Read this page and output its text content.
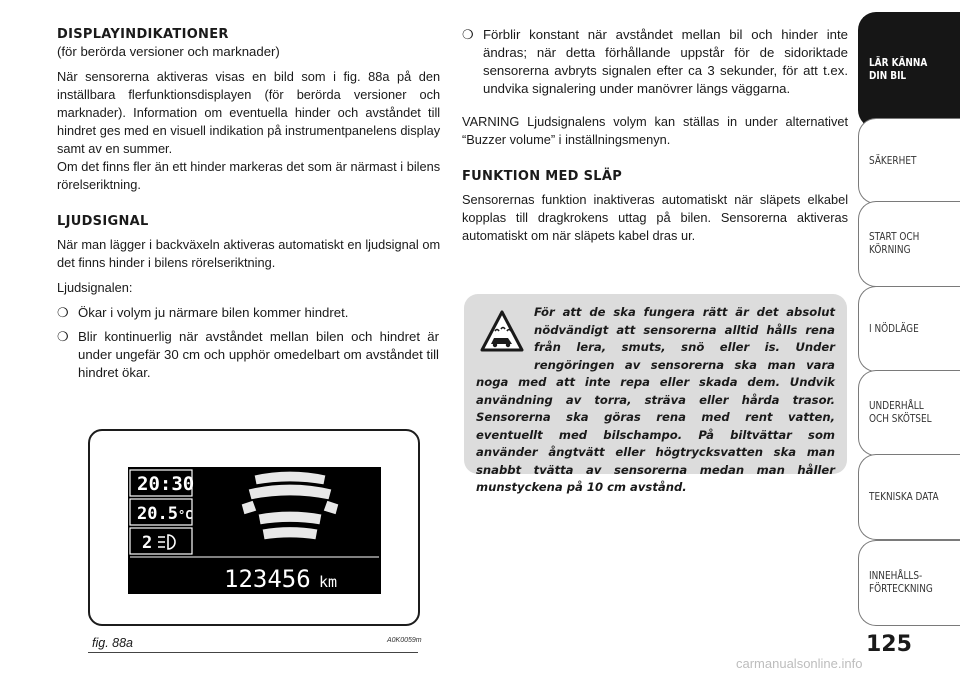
DISPLAYINDIKATIONER

(för berörda versioner och marknader)

När sensorerna aktiveras visas en bild som i fig. 88a på den inställbara flerfunktionsdisplayen (för berörda versioner och marknader). Information om eventuella hinder och avståndet till hindret ges med en visuell indikation på instrumentpanelens display samt av en summer.

Om det finns fler än ett hinder markeras det som är närmast i bilens rörelseriktning.

LJUDSIGNAL

När man lägger i backväxeln aktiveras automatiskt en ljudsignal om det finns hinder i bilens rörelseriktning.

Ljudsignalen:

❍ Ökar i volym ju närmare bilen kommer hindret.
❍ Blir kontinuerlig när avståndet mellan bilen och hindret är under ungefär 30 cm och upphör omedelbart om avståndet till hindret ökar.
❍ Förblir konstant när avståndet mellan bil och hinder inte ändras; när detta förhållande uppstår för de sidoriktade sensorerna avbryts signalen efter ca 3 sekunder, för att t.ex. undvika signalering under manövrer längs väggarna.

VARNING Ljudsignalens volym kan ställas in under alternativet “Buzzer volume” i inställningsmenyn.

FUNKTION MED SLÄP

Sensorernas funktion inaktiveras automatiskt när släpets elkabel kopplas till dragkrokens uttag på bilen. Sensorerna aktiveras automatiskt om när släpets kabel dras ur.

För att de ska fungera rätt är det absolut nödvändigt att sensorerna alltid hålls rena från lera, smuts, snö eller is. Under rengöringen av sensorerna ska man vara noga med att inte repa eller skada dem. Undvik användning av torra, sträva eller hårda trasor. Sensorerna ska göras rena med rent vatten, eventuellt med bilschampo. På biltvättar som använder ångtvätt eller högtrycksvatten ska man snabbt tvätta av sensorerna medan man håller munstyckena på 10 cm avstånd.
20:30
20.5°C
2
123456 km
fig. 88a	A0K0059m
LÄR KÄNNA
DIN BIL
SÄKERHET
START OCH
KÖRNING
I NÖDLÄGE
UNDERHÅLL
OCH SKÖTSEL
TEKNISKA DATA
INNEHÅLLS-
FÖRTECKNING
125
carmanualsonline.info
